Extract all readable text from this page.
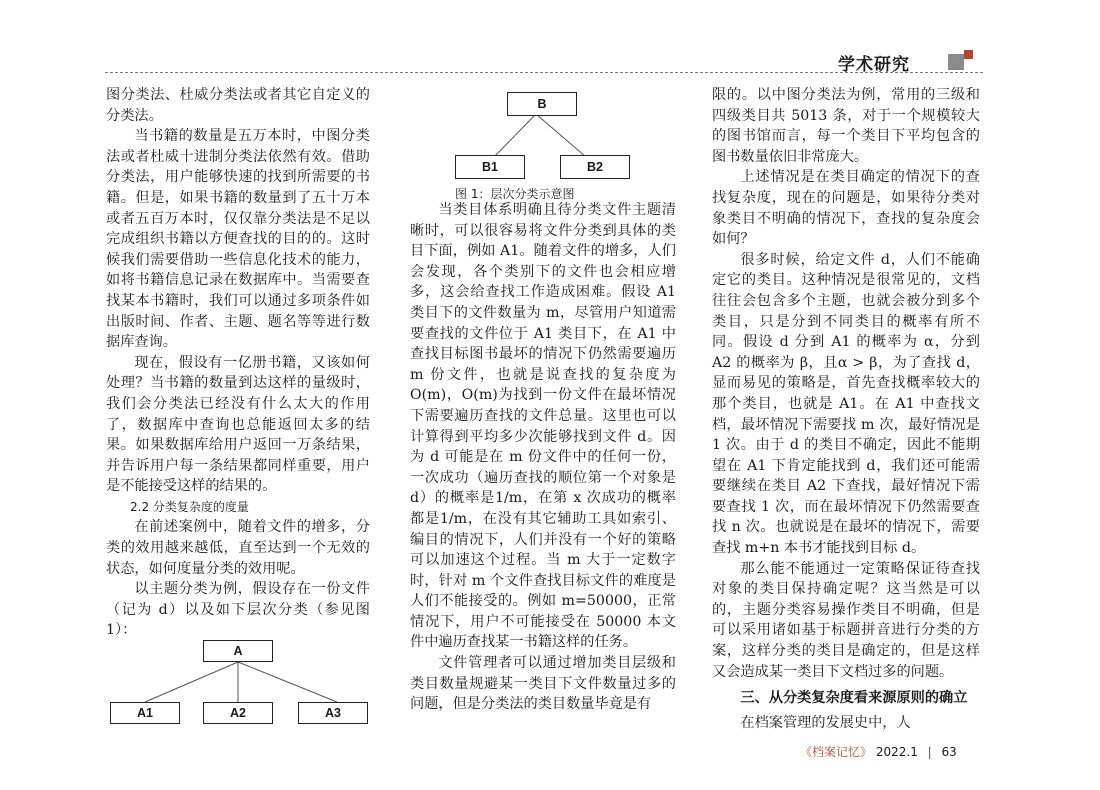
学术研究

图分类法、杜威分类法或者其它自定义的分类法。

当书籍的数量是五万本时，中图分类法或者杜威十进制分类法依然有效。借助分类法，用户能够快速的找到所需要的书籍。但是，如果书籍的数量到了五十万本或者五百万本时，仅仅靠分类法是不足以完成组织书籍以方便查找的目的的。这时候我们需要借助一些信息化技术的能力，如将书籍信息记录在数据库中。当需要查找某本书籍时，我们可以通过多项条件如出版时间、作者、主题、题名等等进行数据库查询。

现在，假设有一亿册书籍，又该如何处理？当书籍的数量到达这样的量级时，我们会分类法已经没有什么太大的作用了，数据库中查询也总能返回太多的结果。如果数据库给用户返回一万条结果，并告诉用户每一条结果都同样重要，用户是不能接受这样的结果的。

2.2 分类复杂度的度量

在前述案例中，随着文件的增多，分类的效用越来越低，直至达到一个无效的状态，如何度量分类的效用呢。

以主题分类为例，假设存在一份文件（记为 d）以及如下层次分类（参见图 1）：

B
B1	B2
图 1：层次分类示意图

当类目体系明确且待分类文件主题清晰时，可以很容易将文件分类到具体的类目下面，例如 A1。随着文件的增多，人们会发现，各个类别下的文件也会相应增多，这会给查找工作造成困难。假设 A1 类目下的文件数量为 m，尽管用户知道需要查找的文件位于 A1 类目下，在 A1 中查找目标图书最坏的情况下仍然需要遍历 m 份文件，也就是说查找的复杂度为 O(m)，O(m)为找到一份文件在最坏情况下需要遍历查找的文件总量。这里也可以计算得到平均多少次能够找到文件 d。因为 d 可能是在 m 份文件中的任何一份，一次成功（遍历查找的顺位第一个对象是 d）的概率是1/m，在第 x 次成功的概率都是1/m，在没有其它辅助工具如索引、编目的情况下，人们并没有一个好的策略可以加速这个过程。当 m 大于一定数字时，针对 m 个文件查找目标文件的难度是人们不能接受的。例如 m=50000，正常情况下，用户不可能接受在 50000 本文件中遍历查找某一书籍这样的任务。

文件管理者可以通过增加类目层级和类目数量规避某一类目下文件数量过多的问题，但是分类法的类目数量毕竟是有

A
A1	A2	A3

限的。以中图分类法为例，常用的三级和四级类目共 5013 条，对于一个规模较大的图书馆而言，每一个类目下平均包含的图书数量依旧非常庞大。

上述情况是在类目确定的情况下的查找复杂度，现在的问题是，如果待分类对象类目不明确的情况下，查找的复杂度会如何？

很多时候，给定文件 d，人们不能确定它的类目。这种情况是很常见的，文档往往会包含多个主题，也就会被分到多个类目，只是分到不同类目的概率有所不同。假设 d 分到 A1 的概率为 α，分到 A2 的概率为 β，且α > β，为了查找 d，显而易见的策略是，首先查找概率较大的那个类目，也就是 A1。在 A1 中查找文档，最坏情况下需要找 m 次，最好情况是 1 次。由于 d 的类目不确定，因此不能期望在 A1 下肯定能找到 d，我们还可能需要继续在类目 A2 下查找，最好情况下需要查找 1 次，而在最坏情况下仍然需要查找 n 次。也就说是在最坏的情况下，需要查找 m+n 本书才能找到目标 d。

那么能不能通过一定策略保证待查找对象的类目保持确定呢？这当然是可以的，主题分类容易操作类目不明确，但是可以采用诸如基于标题拼音进行分类的方案，这样分类的类目是确定的，但是这样又会造成某一类目下文档过多的问题。

三、从分类复杂度看来源原则的确立

在档案管理的发展史中，人

《档案记忆》 2022.1 | 63
